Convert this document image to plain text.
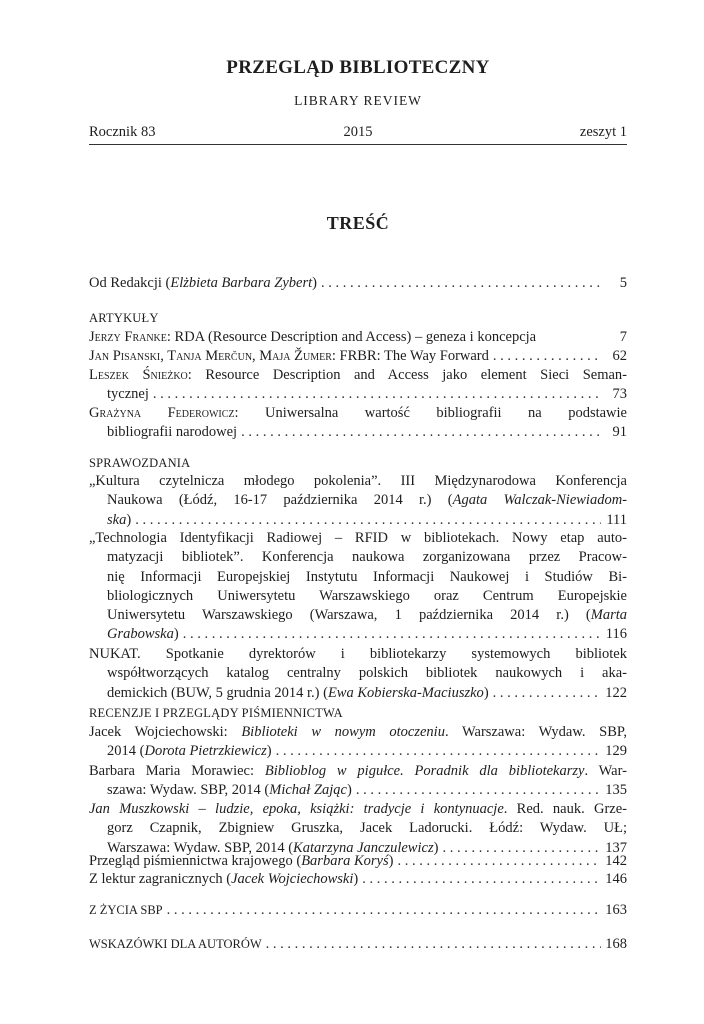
PRZEGLĄD BIBLIOTECZNY
LIBRARY REVIEW
2015
Rocznik 83	zeszyt 1
TREŚĆ
Od Redakcji (Elżbieta Barbara Zybert) . . .	5
ARTYKUŁY
Jerzy Franke: RDA (Resource Description and Access) – geneza i koncepcja	7
Jan Pisanski, Tanja Merčun, Maja Žumer: FRBR: The Way Forward . . .	62
Leszek Śnieżko: Resource Description and Access jako element Sieci Seman-
tycznej . . .	73
Grażyna Federowicz: Uniwersalna wartość bibliografii na podstawie
bibliografii narodowej . . .	91
SPRAWOZDANIA
„Kultura czytelnicza młodego pokolenia”. III Międzynarodowa Konferencja
Naukowa (Łódź, 16-17 października 2014 r.) (Agata Walczak-Niewiadom-
ska) . . .	111
„Technologia Identyfikacji Radiowej – RFID w bibliotekach. Nowy etap auto-
matyzacji bibliotek”. Konferencja naukowa zorganizowana przez Pracow-
nię Informacji Europejskiej Instytutu Informacji Naukowej i Studiów Bi-
bliologicznych Uniwersytetu Warszawskiego oraz Centrum Europejskie
Uniwersytetu Warszawskiego (Warszawa, 1 października 2014 r.) (Marta
Grabowska) . . .	116
NUKAT. Spotkanie dyrektorów i bibliotekarzy systemowych bibliotek
współtworzących katalog centralny polskich bibliotek naukowych i aka-
demickich (BUW, 5 grudnia 2014 r.) (Ewa Kobierska-Maciuszko) . . .	122
RECENZJE I PRZEGLĄDY PIŚMIENNICTWA
Jacek Wojciechowski: Biblioteki w nowym otoczeniu. Warszawa: Wydaw. SBP,
2014 (Dorota Pietrzkiewicz) . . .	129
Barbara Maria Morawiec: Biblioblog w pigułce. Poradnik dla bibliotekarzy. War-
szawa: Wydaw. SBP, 2014 (Michał Zając) . . .	135
Jan Muszkowski – ludzie, epoka, książki: tradycje i kontynuacje. Red. nauk. Grze-
gorz Czapnik, Zbigniew Gruszka, Jacek Ladorucki. Łódź: Wydaw. UŁ;
Warszawa: Wydaw. SBP, 2014 (Katarzyna Janczulewicz) . . .	137
Przegląd piśmiennictwa krajowego (Barbara Koryś) . . .	142
Z lektur zagranicznych (Jacek Wojciechowski) . . .	146
Z ŻYCIA SBP . . .	163
WSKAZÓWKI DLA AUTORÓW . . .	168
